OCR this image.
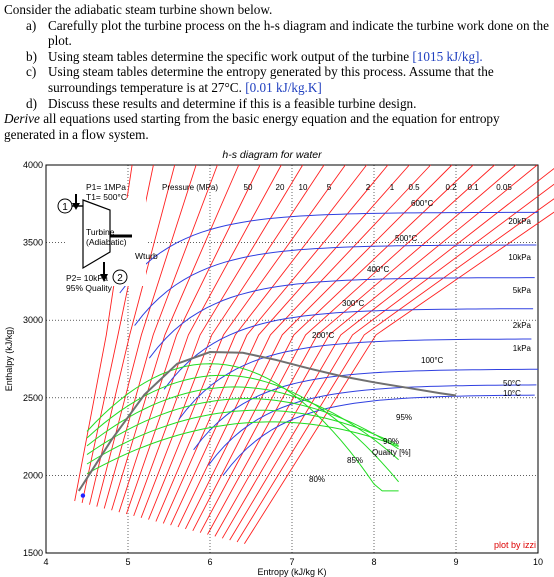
Consider the adiabatic steam turbine shown below.
a) Carefully plot the turbine process on the h-s diagram and indicate the turbine work done on the plot.
b) Using steam tables determine the specific work output of the turbine [1015 kJ/kg].
c) Using steam tables determine the entropy generated by this process. Assume that the surroundings temperature is at 27°C. [0.01 kJ/kg.K]
d) Discuss these results and determine if this is a feasible turbine design.
Derive all equations used starting from the basic energy equation and the equation for entropy generated in a flow system.
h-s diagram for water
4	5	6	7	8	9	10
1500
2000
2500
3000
3500
4000
Pressure (MPa)	50	20 10 5	2 1 0.5	0.2 0.1 0.05
20kPa
10kPa
5kPa
2kPa
1kPa
600°C
500°C
400°C
300°C
200°C
100°C
50°C
10°C
95%
90%
85%
80%
Quality [%]
Enthalpy (kJ/kg)
Entropy (kJ/kg K)
plot by izzi
1
2
P1= 1MPa
T1= 500°C
Turbine
(Adiabatic)
Wturb
P2= 10kPa
95% Quality
